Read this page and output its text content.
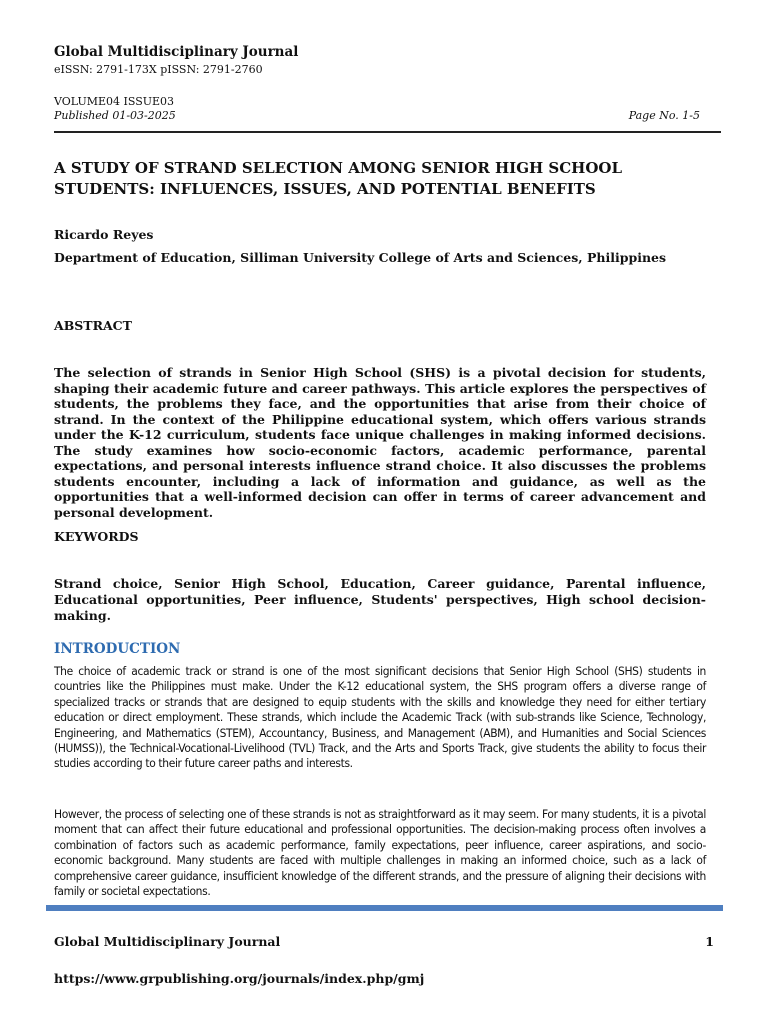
Global Multidisciplinary Journal
eISSN: 2791-173X pISSN: 2791-2760
VOLUME04 ISSUE03
Published 01-03-2025	Page No. 1-5
A STUDY OF STRAND SELECTION AMONG SENIOR HIGH SCHOOL STUDENTS: INFLUENCES, ISSUES, AND POTENTIAL BENEFITS
Ricardo Reyes
Department of Education, Silliman University College of Arts and Sciences, Philippines
ABSTRACT
The selection of strands in Senior High School (SHS) is a pivotal decision for students, shaping their academic future and career pathways. This article explores the perspectives of students, the problems they face, and the opportunities that arise from their choice of strand. In the context of the Philippine educational system, which offers various strands under the K-12 curriculum, students face unique challenges in making informed decisions. The study examines how socio-economic factors, academic performance, parental expectations, and personal interests influence strand choice. It also discusses the problems students encounter, including a lack of information and guidance, as well as the opportunities that a well-informed decision can offer in terms of career advancement and personal development.
KEYWORDS
Strand choice, Senior High School, Education, Career guidance, Parental influence, Educational opportunities, Peer influence, Students' perspectives, High school decision-making.
INTRODUCTION
The choice of academic track or strand is one of the most significant decisions that Senior High School (SHS) students in countries like the Philippines must make. Under the K-12 educational system, the SHS program offers a diverse range of specialized tracks or strands that are designed to equip students with the skills and knowledge they need for either tertiary education or direct employment. These strands, which include the Academic Track (with sub-strands like Science, Technology, Engineering, and Mathematics (STEM), Accountancy, Business, and Management (ABM), and Humanities and Social Sciences (HUMSS)), the Technical-Vocational-Livelihood (TVL) Track, and the Arts and Sports Track, give students the ability to focus their studies according to their future career paths and interests.
However, the process of selecting one of these strands is not as straightforward as it may seem. For many students, it is a pivotal moment that can affect their future educational and professional opportunities. The decision-making process often involves a combination of factors such as academic performance, family expectations, peer influence, career aspirations, and socio-economic background. Many students are faced with multiple challenges in making an informed choice, such as a lack of comprehensive career guidance, insufficient knowledge of the different strands, and the pressure of aligning their decisions with family or societal expectations.
Global Multidisciplinary Journal	1
https://www.grpublishing.org/journals/index.php/gmj
